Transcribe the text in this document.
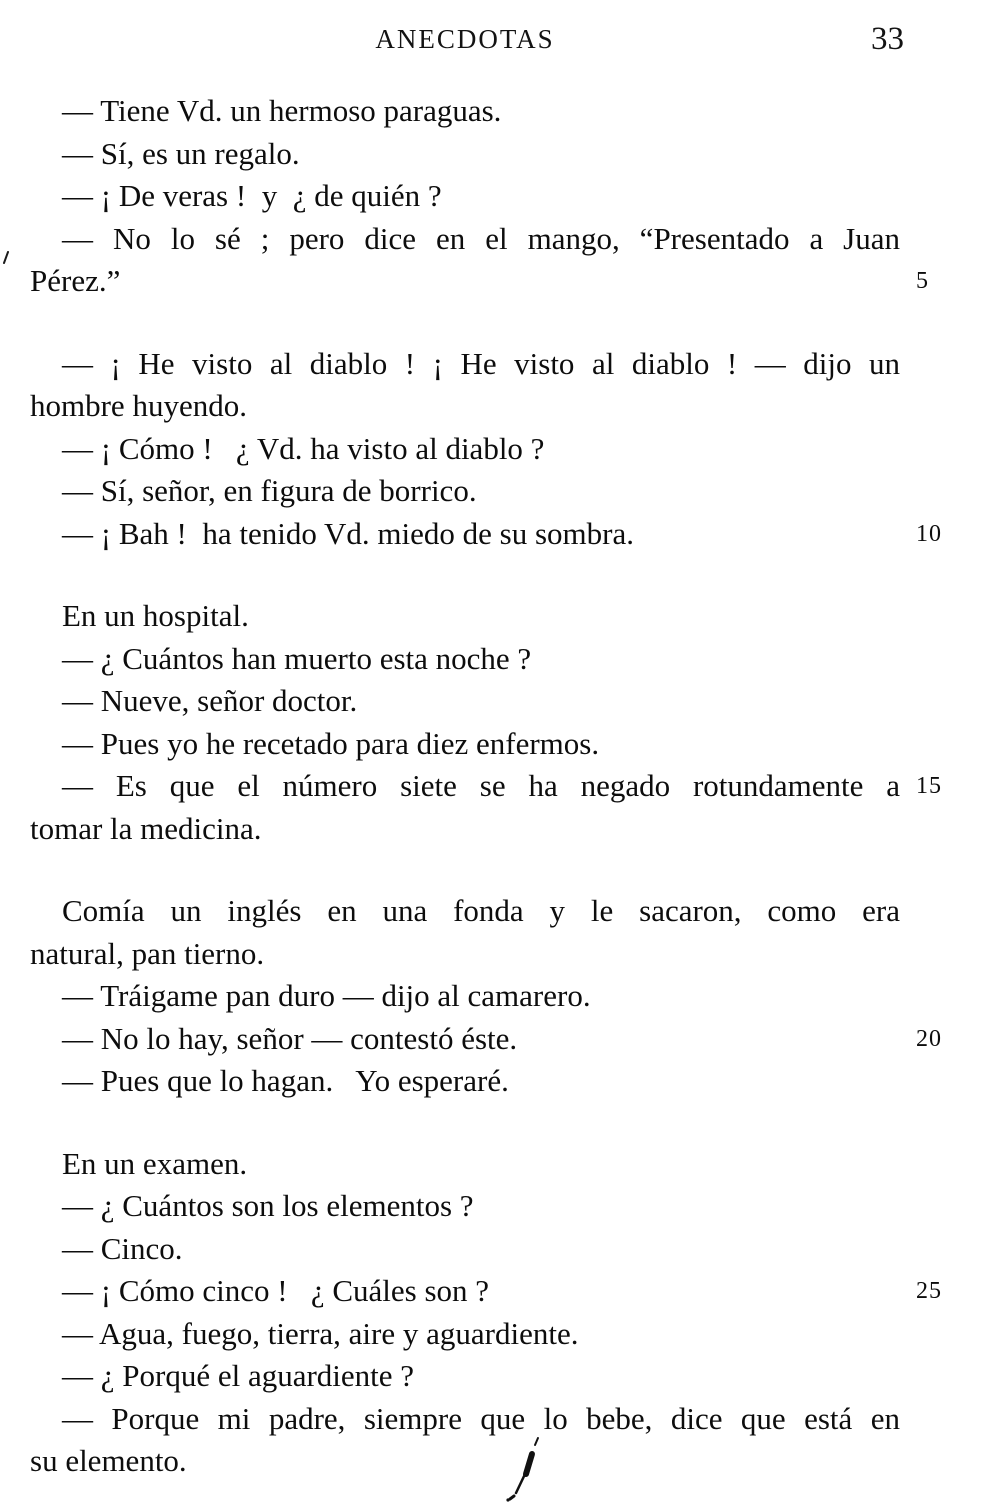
ANECDOTAS	33
— Tiene Vd. un hermoso paraguas.
— Sí, es un regalo.
— ¡ De veras !  y  ¿ de quién ?
— No lo sé ; pero dice en el mango, “Presentado a Juan
Pérez.”	5
— ¡ He visto al diablo ! ¡ He visto al diablo ! — dijo un
hombre huyendo.
— ¡ Cómo !   ¿ Vd. ha visto al diablo ?
— Sí, señor, en figura de borrico.
— ¡ Bah !  ha tenido Vd. miedo de su sombra.	10
En un hospital.
— ¿ Cuántos han muerto esta noche ?
— Nueve, señor doctor.
— Pues yo he recetado para diez enfermos.
— Es que el número siete se ha negado rotundamente a 15
tomar la medicina.
Comía un inglés en una fonda y le sacaron, como era
natural, pan tierno.
— Tráigame pan duro — dijo al camarero.
— No lo hay, señor — contestó éste.	20
— Pues que lo hagan.   Yo esperaré.
En un examen.
— ¿ Cuántos son los elementos ?
— Cinco.
— ¡ Cómo cinco !   ¿ Cuáles son ?	25
— Agua, fuego, tierra, aire y aguardiente.
— ¿ Porqué el aguardiente ?
— Porque mi padre, siempre que lo bebe, dice que está en
su elemento.
